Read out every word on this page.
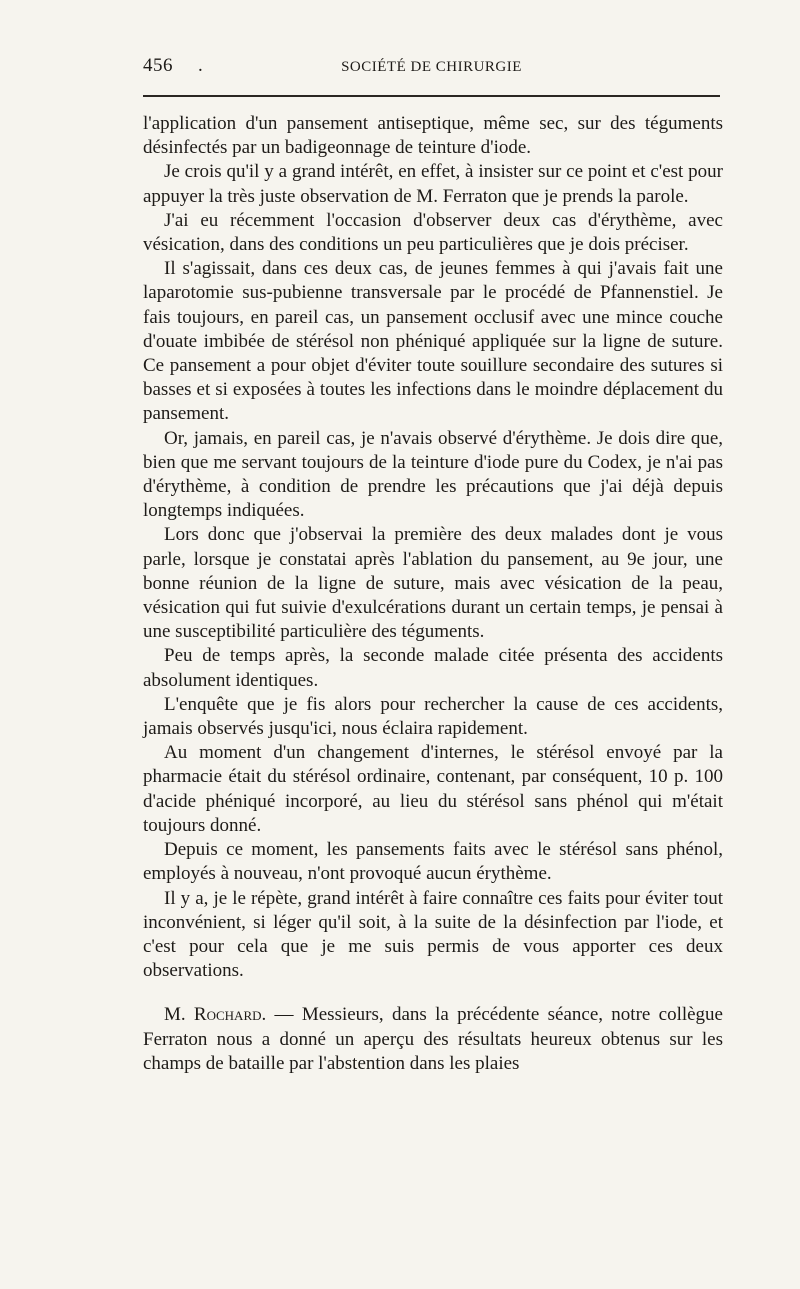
456 .	SOCIÉTÉ DE CHIRURGIE

l'application d'un pansement antiseptique, même sec, sur des téguments désinfectés par un badigeonnage de teinture d'iode.

Je crois qu'il y a grand intérêt, en effet, à insister sur ce point et c'est pour appuyer la très juste observation de M. Ferraton que je prends la parole.

J'ai eu récemment l'occasion d'observer deux cas d'érythème, avec vésication, dans des conditions un peu particulières que je dois préciser.

Il s'agissait, dans ces deux cas, de jeunes femmes à qui j'avais fait une laparotomie sus-pubienne transversale par le procédé de Pfannenstiel. Je fais toujours, en pareil cas, un pansement occlusif avec une mince couche d'ouate imbibée de stérésol non phéniqué appliquée sur la ligne de suture. Ce pansement a pour objet d'éviter toute souillure secondaire des sutures si basses et si exposées à toutes les infections dans le moindre déplacement du pansement.

Or, jamais, en pareil cas, je n'avais observé d'érythème. Je dois dire que, bien que me servant toujours de la teinture d'iode pure du Codex, je n'ai pas d'érythème, à condition de prendre les précautions que j'ai déjà depuis longtemps indiquées.

Lors donc que j'observai la première des deux malades dont je vous parle, lorsque je constatai après l'ablation du pansement, au 9e jour, une bonne réunion de la ligne de suture, mais avec vésication de la peau, vésication qui fut suivie d'exulcérations durant un certain temps, je pensai à une susceptibilité particulière des téguments.

Peu de temps après, la seconde malade citée présenta des accidents absolument identiques.

L'enquête que je fis alors pour rechercher la cause de ces accidents, jamais observés jusqu'ici, nous éclaira rapidement.

Au moment d'un changement d'internes, le stérésol envoyé par la pharmacie était du stérésol ordinaire, contenant, par conséquent, 10 p. 100 d'acide phéniqué incorporé, au lieu du stérésol sans phénol qui m'était toujours donné.

Depuis ce moment, les pansements faits avec le stérésol sans phénol, employés à nouveau, n'ont provoqué aucun érythème.

Il y a, je le répète, grand intérêt à faire connaître ces faits pour éviter tout inconvénient, si léger qu'il soit, à la suite de la désinfection par l'iode, et c'est pour cela que je me suis permis de vous apporter ces deux observations.

M. Rochard. — Messieurs, dans la précédente séance, notre collègue Ferraton nous a donné un aperçu des résultats heureux obtenus sur les champs de bataille par l'abstention dans les plaies
